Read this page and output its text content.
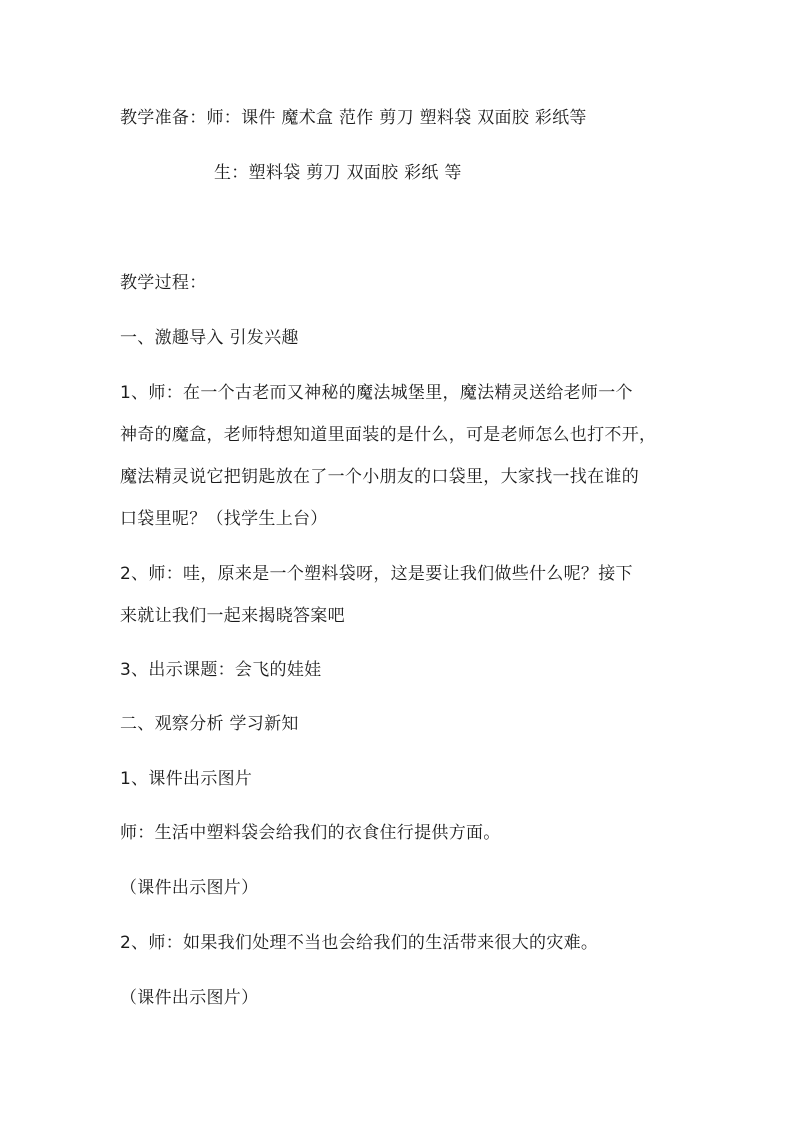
教学准备：师：课件 魔术盒 范作 剪刀 塑料袋 双面胶 彩纸等
生：塑料袋 剪刀 双面胶 彩纸 等
教学过程：
一、激趣导入 引发兴趣
1、师：在一个古老而又神秘的魔法城堡里，魔法精灵送给老师一个
神奇的魔盒，老师特想知道里面装的是什么，可是老师怎么也打不开，
魔法精灵说它把钥匙放在了一个小朋友的口袋里，大家找一找在谁的
口袋里呢？（找学生上台）
2、师：哇，原来是一个塑料袋呀，这是要让我们做些什么呢？接下
来就让我们一起来揭晓答案吧
3、出示课题：会飞的娃娃
二、观察分析 学习新知
1、课件出示图片
师：生活中塑料袋会给我们的衣食住行提供方面。
（课件出示图片）
2、师：如果我们处理不当也会给我们的生活带来很大的灾难。
（课件出示图片）
